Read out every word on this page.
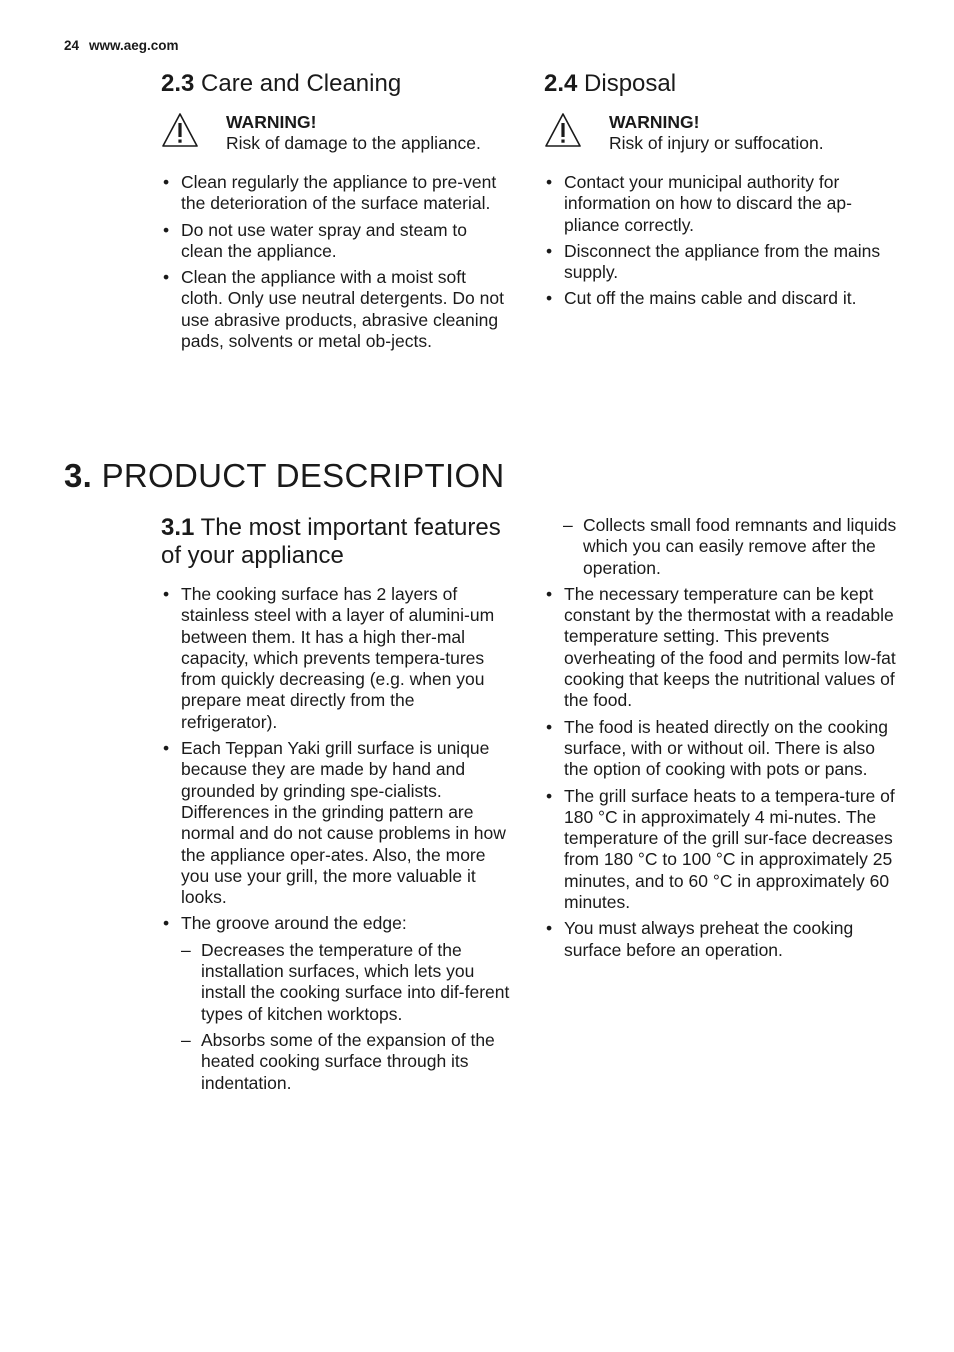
24 www.aeg.com
2.3 Care and Cleaning
WARNING!
Risk of damage to the appliance.
• Clean regularly the appliance to pre-vent the deterioration of the surface material.
• Do not use water spray and steam to clean the appliance.
• Clean the appliance with a moist soft cloth. Only use neutral detergents. Do not use abrasive products, abrasive cleaning pads, solvents or metal ob-jects.
2.4 Disposal
WARNING!
Risk of injury or suffocation.
• Contact your municipal authority for information on how to discard the ap-pliance correctly.
• Disconnect the appliance from the mains supply.
• Cut off the mains cable and discard it.
3. PRODUCT DESCRIPTION
3.1 The most important features of your appliance
• The cooking surface has 2 layers of stainless steel with a layer of alumini-um between them. It has a high ther-mal capacity, which prevents tempera-tures from quickly decreasing (e.g. when you prepare meat directly from the refrigerator).
• Each Teppan Yaki grill surface is unique because they are made by hand and grounded by grinding spe-cialists. Differences in the grinding pattern are normal and do not cause problems in how the appliance oper-ates. Also, the more you use your grill, the more valuable it looks.
• The groove around the edge:
– Decreases the temperature of the installation surfaces, which lets you install the cooking surface into dif-ferent types of kitchen worktops.
– Absorbs some of the expansion of the heated cooking surface through its indentation.
– Collects small food remnants and liquids which you can easily remove after the operation.
• The necessary temperature can be kept constant by the thermostat with a readable temperature setting. This prevents overheating of the food and permits low-fat cooking that keeps the nutritional values of the food.
• The food is heated directly on the cooking surface, with or without oil. There is also the option of cooking with pots or pans.
• The grill surface heats to a tempera-ture of 180 °C in approximately 4 mi-nutes. The temperature of the grill sur-face decreases from 180 °C to 100 °C in approximately 25 minutes, and to 60 °C in approximately 60 minutes.
• You must always preheat the cooking surface before an operation.
